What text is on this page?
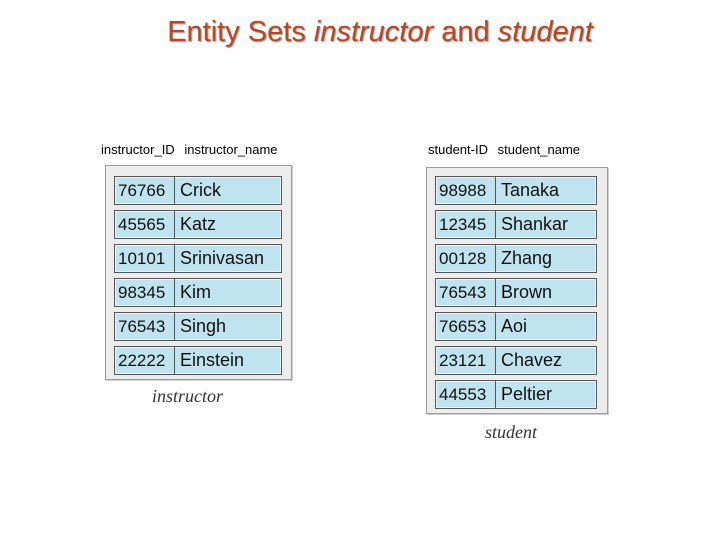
Entity Sets instructor and student
instructor_ID instructor_name	student-ID student_name
76766 Crick
45565 Katz
10101 Srinivasan
98345 Kim
76543 Singh
22222 Einstein
instructor
98988 Tanaka
12345 Shankar
00128 Zhang
76543 Brown
76653 Aoi
23121 Chavez
44553 Peltier
student
